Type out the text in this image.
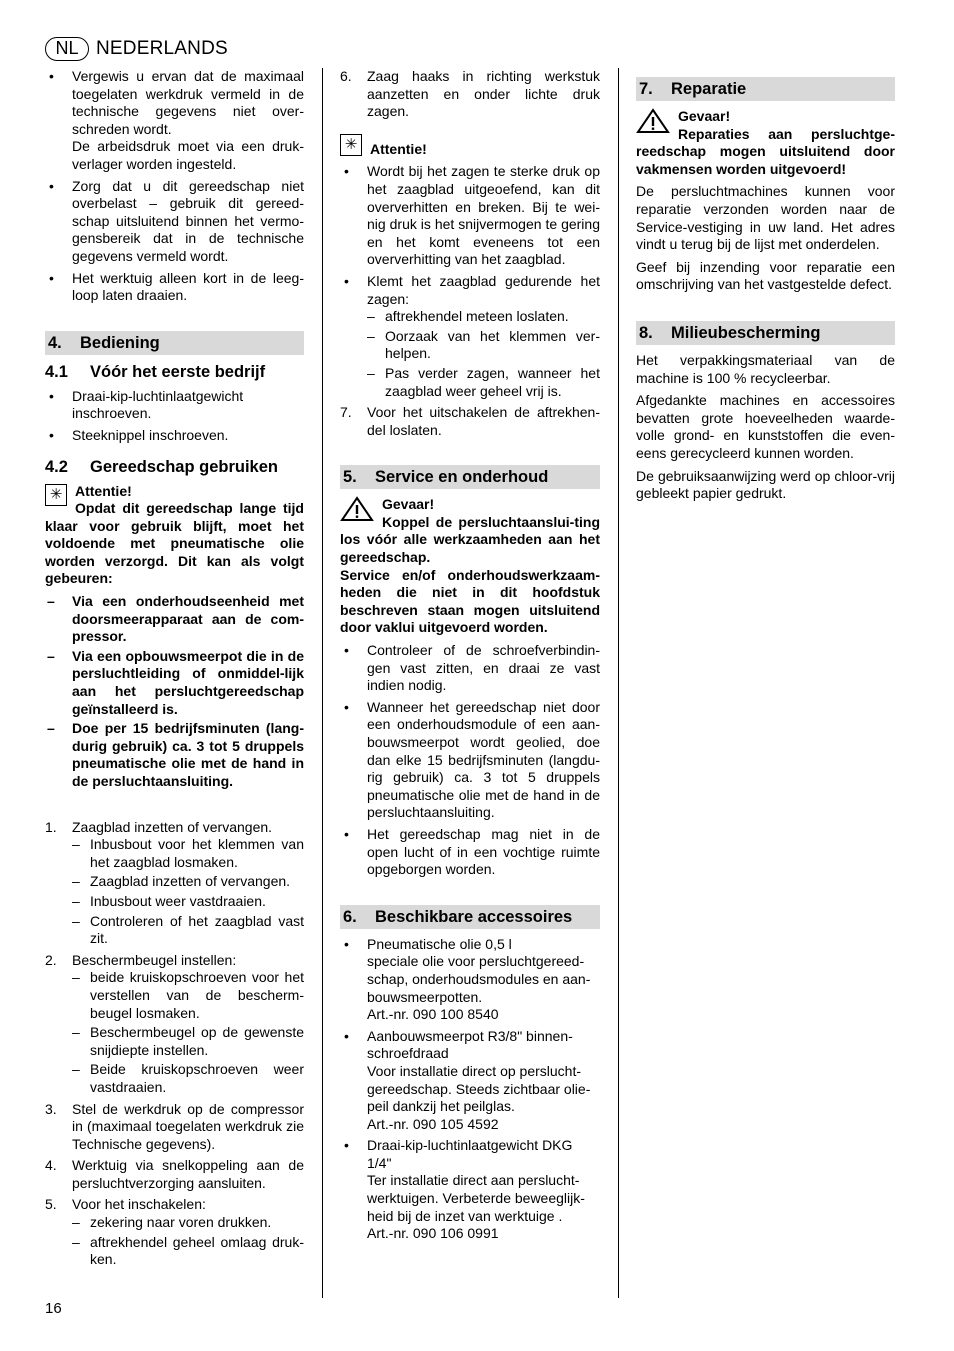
NL NEDERLANDS
• Vergewis u ervan dat de maximaal toegelaten werkdruk vermeld in de technische gegevens niet over-schreden wordt.
De arbeidsdruk moet via een druk-verlager worden ingesteld.
• Zorg dat u dit gereedschap niet overbelast – gebruik dit gereed-schap uitsluitend binnen het vermo-gensbereik dat in de technische gegevens vermeld wordt.
• Het werktuig alleen kort in de leeg-loop laten draaien.
4. Bediening
4.1 Vóór het eerste bedrijf
• Draai-kip-luchtinlaatgewicht inschroeven.
• Steeknippel inschroeven.
4.2 Gereedschap gebruiken
✳ Attentie!
Opdat dit gereedschap lange tijd klaar voor gebruik blijft, moet het voldoende met pneumatische olie worden verzorgd. Dit kan als volgt gebeuren:

– Via een onderhoudseenheid met doorsmeerapparaat aan de com-pressor.
– Via een opbouwsmeerpot die in de persluchtleiding of onmiddel-lijk aan het persluchtgereedschap geïnstalleerd is.
– Doe per 15 bedrijfsminuten (lang-durig gebruik) ca. 3 tot 5 druppels pneumatische olie met de hand in de persluchtaansluiting.
1. Zaagblad inzetten of vervangen.
– Inbusbout voor het klemmen van het zaagblad losmaken.
– Zaagblad inzetten of vervangen.
– Inbusbout weer vastdraaien.
– Controleren of het zaagblad vast zit.
2. Beschermbeugel instellen:
– beide kruiskopschroeven voor het verstellen van de bescherm-beugel losmaken.
– Beschermbeugel op de gewenste snijdiepte instellen.
– Beide kruiskopschroeven weer vastdraaien.
3. Stel de werkdruk op de compressor in (maximaal toegelaten werkdruk zie Technische gegevens).
4. Werktuig via snelkoppeling aan de persluchtverzorging aansluiten.
5. Voor het inschakelen:
– zekering naar voren drukken.
– aftrekhendel geheel omlaag druk-ken.
6. Zaag haaks in richting werkstuk aanzetten en onder lichte druk zagen.
✳ Attentie!

• Wordt bij het zagen te sterke druk op het zaagblad uitgeoefend, kan dit oververhitten en breken. Bij te wei-nig druk is het snijvermogen te gering en het komt eveneens tot een oververhitting van het zaagblad.
• Klemt het zaagblad gedurende het zagen:
– aftrekhendel meteen loslaten.
– Oorzaak van het klemmen ver-helpen.
– Pas verder zagen, wanneer het zaagblad weer geheel vrij is.
7. Voor het uitschakelen de aftrekhen-del loslaten.
5. Service en onderhoud

Gevaar!
Koppel de persluchtaanslui-ting los vóór alle werkzaamheden aan het gereedschap.
Service en/of onderhoudswerkzaam-heden die niet in dit hoofdstuk beschreven staan mogen uitsluitend door vaklui uitgevoerd worden.

• Controleer of de schroefverbindin-gen vast zitten, en draai ze vast indien nodig.
• Wanneer het gereedschap niet door een onderhoudsmodule of een aan-bouwsmeerpot wordt geolied, doe dan elke 15 bedrijfsminuten (langdu-rig gebruik) ca. 3 tot 5 druppels pneumatische olie met de hand in de persluchtaansluiting.
• Het gereedschap mag niet in de open lucht of in een vochtige ruimte opgeborgen worden.
6. Beschikbare accessoires
• Pneumatische olie 0,5 l
speciale olie voor persluchtgereed-schap, onderhoudsmodules en aan-bouwsmeerpotten.
Art.-nr. 090 100 8540
• Aanbouwsmeerpot R3/8" binnen-schroefdraad
Voor installatie direct op perslucht-gereedschap. Steeds zichtbaar olie-peil dankzij het peilglas.
Art.-nr. 090 105 4592
• Draai-kip-luchtinlaatgewicht DKG 1/4"
Ter installatie direct aan perslucht-werktuigen. Verbeterde beweeglijk-heid bij de inzet van werktuige .
Art.-nr. 090 106 0991
7. Reparatie

Gevaar!
Reparaties aan persluchtge-reedschap mogen uitsluitend door vakmensen worden uitgevoerd!

De persluchtmachines kunnen voor reparatie verzonden worden naar de Service-vestiging in uw land. Het adres vindt u terug bij de lijst met onderdelen.

Geef bij inzending voor reparatie een omschrijving van het vastgestelde defect.

8. Milieubescherming

Het verpakkingsmateriaal van de machine is 100 % recycleerbar.

Afgedankte machines en accessoires bevatten grote hoeveelheden waarde-volle grond- en kunststoffen die even-eens gerecycleerd kunnen worden.

De gebruiksaanwijzing werd op chloor-vrij gebleekt papier gedrukt.

16
